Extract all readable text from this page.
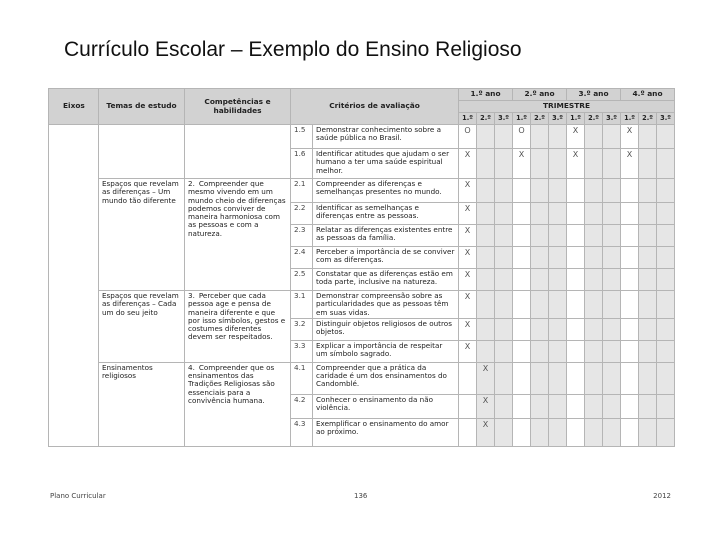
Currículo Escolar – Exemplo do Ensino Religioso
Eixos	Temas de estudo	Competências e habilidades	Critérios de avaliação		1.º ano			2.º ano			3.º ano			4.º ano		
					TRIMESTRE											
					1.º	2.º	3.º	1.º	2.º	3.º	1.º	2.º	3.º	1.º	2.º	3.º
			1.5	Demonstrar conhecimento sobre a saúde pública no Brasil.	O			O			X			X		
			1.6	Identificar atitudes que ajudam o ser humano a ter uma saúde espiritual melhor.	X			X			X			X		
	Espaços que revelam as diferenças – Um mundo tão diferente	2. Compreender que mesmo vivendo em um mundo cheio de diferenças podemos conviver de maneira harmoniosa com as pessoas e com a natureza.	2.1	Compreender as diferenças e semelhanças presentes no mundo.	X											
			2.2	Identificar as semelhanças e diferenças entre as pessoas.	X											
			2.3	Relatar as diferenças existentes entre as pessoas da família.	X											
			2.4	Perceber a importância de se conviver com as diferenças.	X											
			2.5	Constatar que as diferenças estão em toda parte, inclusive na natureza.	X											
	Espaços que revelam as diferenças – Cada um do seu jeito	3. Perceber que cada pessoa age e pensa de maneira diferente e que por isso símbolos, gestos e costumes diferentes devem ser respeitados.	3.1	Demonstrar compreensão sobre as particularidades que as pessoas têm em suas vidas.	X											
			3.2	Distinguir objetos religiosos de outros objetos.	X											
			3.3	Explicar a importância de respeitar um símbolo sagrado.	X											
	Ensinamentos religiosos	4. Compreender que os ensinamentos das Tradições Religiosas são essenciais para a convivência humana.	4.1	Compreender que a prática da caridade é um dos ensinamentos do Candomblé.		X										
			4.2	Conhecer o ensinamento da não violência.		X										
			4.3	Exemplificar o ensinamento do amor ao próximo.		X										
Plano Curricular	136	2012
